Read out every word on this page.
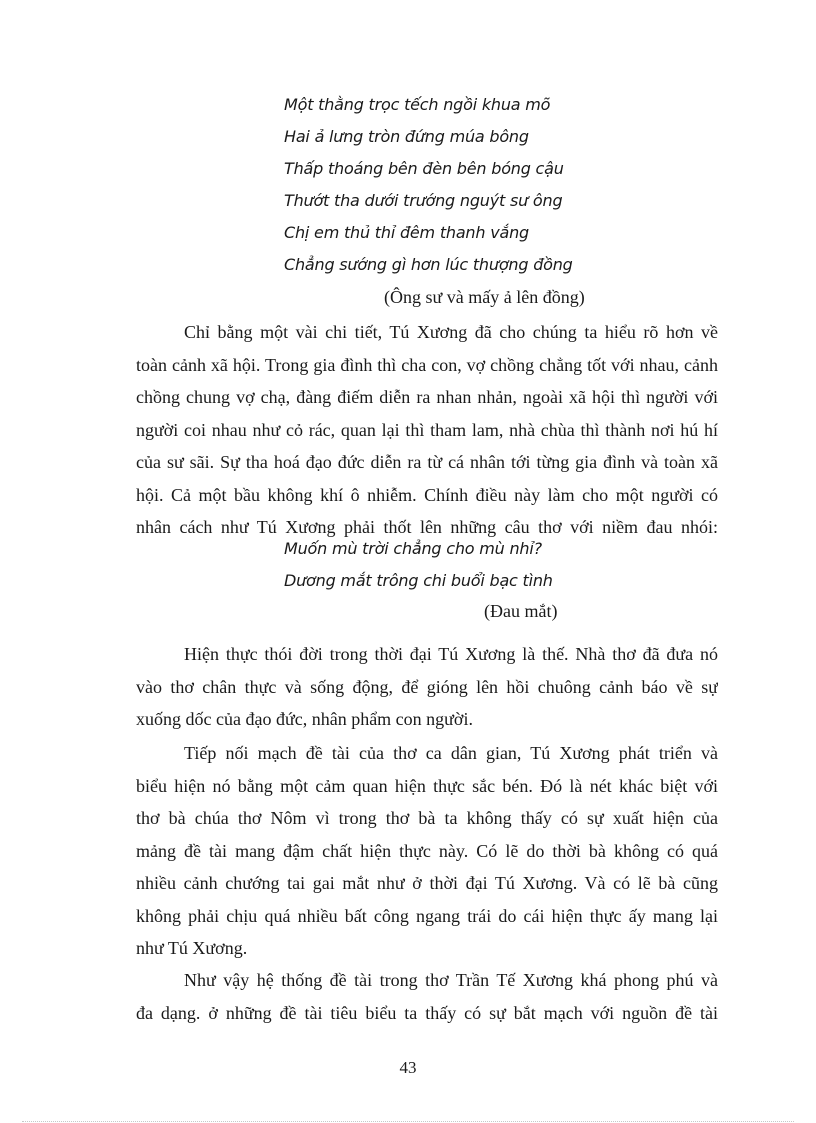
Một thằng trọc tếch ngồi khua mõ
Hai ả lưng tròn đứng múa bông
Thấp thoáng bên đèn bên bóng cậu
Thướt tha dưới trướng nguýt sư ông
Chị em thủ thỉ đêm thanh vắng
Chẳng sướng gì hơn lúc thượng đồng
(Ông sư và mấy ả lên đồng)
Chỉ bằng một vài chi tiết, Tú Xương đã cho chúng ta hiểu rõ hơn về
toàn cảnh xã hội. Trong gia đình thì cha con, vợ chồng chẳng tốt với nhau, cảnh
chồng chung vợ chạ, đàng điếm diễn ra nhan nhản, ngoài xã hội thì người với
người coi nhau như cỏ rác, quan lại thì tham lam, nhà chùa thì thành nơi hú hí
của sư sãi. Sự tha hoá đạo đức diễn ra từ cá nhân tới từng gia đình và toàn xã
hội. Cả một bầu không khí ô nhiễm. Chính điều này làm cho một người có
nhân cách như Tú Xương phải thốt lên những câu thơ với niềm đau nhói:
Muốn mù trời chẳng cho mù nhỉ?
Dương mắt trông chi buổi bạc tình
(Đau mắt)
Hiện thực thói đời trong thời đại Tú Xương là thế. Nhà thơ đã đưa nó
vào thơ chân thực và sống động, để gióng lên hồi chuông cảnh báo về sự
xuống dốc của đạo đức, nhân phẩm con người.
Tiếp nối mạch đề tài của thơ ca dân gian, Tú Xương phát triển và
biểu hiện nó bằng một cảm quan hiện thực sắc bén. Đó là nét khác biệt với
thơ bà chúa thơ Nôm vì trong thơ bà ta không thấy có sự xuất hiện của
mảng đề tài mang đậm chất hiện thực này. Có lẽ do thời bà không có quá
nhiều cảnh chướng tai gai mắt như ở thời đại Tú Xương. Và có lẽ bà cũng
không phải chịu quá nhiều bất công ngang trái do cái hiện thực ấy mang lại
như Tú Xương.
Như vậy hệ thống đề tài trong thơ Trần Tế Xương khá phong phú và
đa dạng. ở những đề tài tiêu biểu ta thấy có sự bắt mạch với nguồn đề tài
43
